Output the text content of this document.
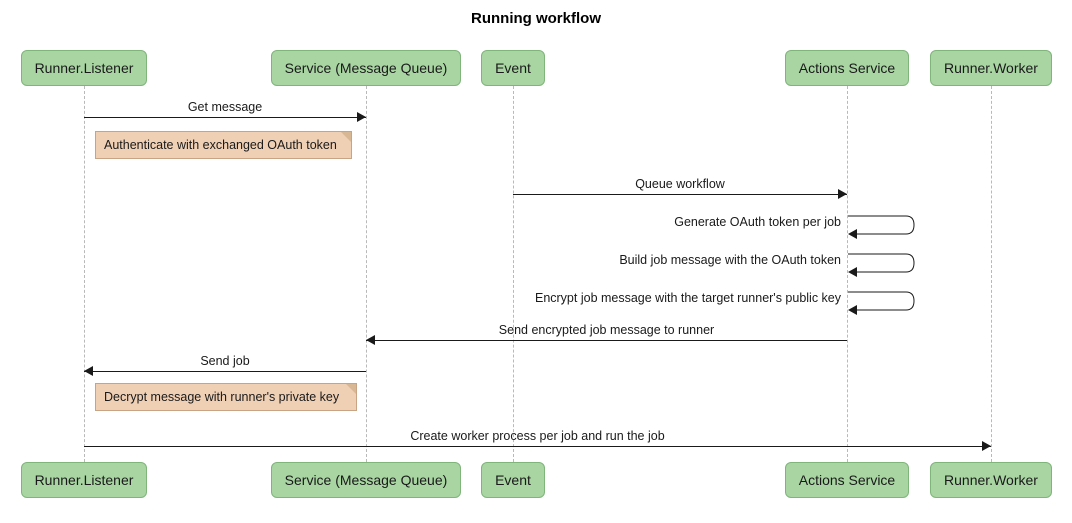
Running workflow
Runner.Listener
Runner.Listener
Service (Message Queue)
Service (Message Queue)
Event
Event
Actions Service
Actions Service
Runner.Worker
Runner.Worker
Get message
Queue workflow
Send encrypted job message to runner
Send job
Create worker process per job and run the job
Generate OAuth token per job
Build job message with the OAuth token
Encrypt job message with the target runner's public key
Authenticate with exchanged OAuth token
Decrypt message with runner's private key
